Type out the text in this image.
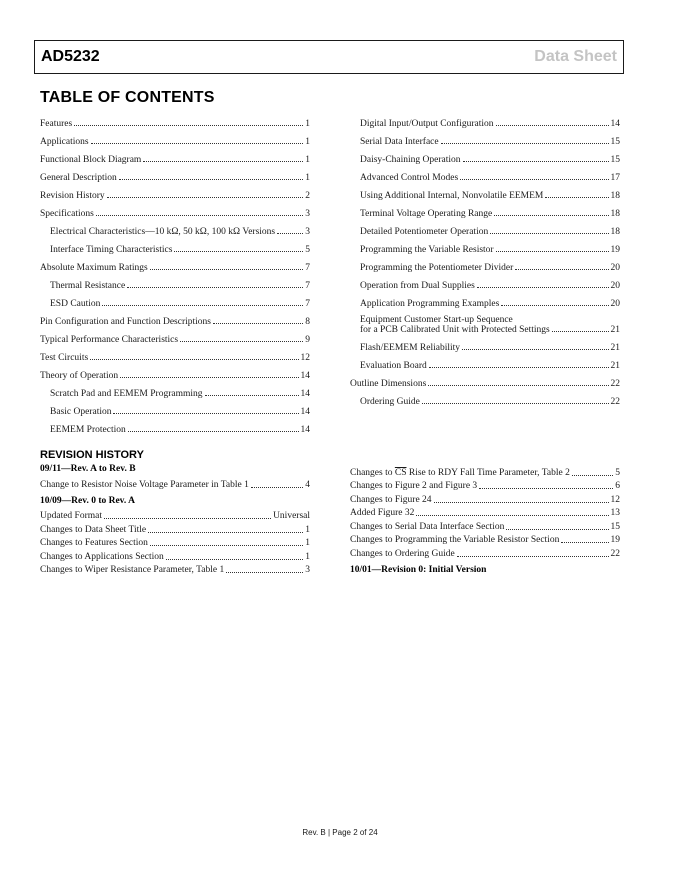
AD5232	Data Sheet
TABLE OF CONTENTS
Features	1
Applications	1
Functional Block Diagram	1
General Description	1
Revision History	2
Specifications	3
Electrical Characteristics—10 kΩ, 50 kΩ, 100 kΩ Versions	3
Interface Timing Characteristics	5
Absolute Maximum Ratings	7
Thermal Resistance	7
ESD Caution	7
Pin Configuration and Function Descriptions	8
Typical Performance Characteristics	9
Test Circuits	12
Theory of Operation	14
Scratch Pad and EEMEM Programming	14
Basic Operation	14
EEMEM Protection	14
Digital Input/Output Configuration	14
Serial Data Interface	15
Daisy-Chaining Operation	15
Advanced Control Modes	17
Using Additional Internal, Nonvolatile EEMEM	18
Terminal Voltage Operating Range	18
Detailed Potentiometer Operation	18
Programming the Variable Resistor	19
Programming the Potentiometer Divider	20
Operation from Dual Supplies	20
Application Programming Examples	20
Equipment Customer Start-up Sequence
for a PCB Calibrated Unit with Protected Settings	21
Flash/EEMEM Reliability	21
Evaluation Board	21
Outline Dimensions	22
Ordering Guide	22
REVISION HISTORY
09/11—Rev. A to Rev. B
Change to Resistor Noise Voltage Parameter in Table 1	4
10/09—Rev. 0 to Rev. A
Updated Format	Universal
Changes to Data Sheet Title	1
Changes to Features Section	1
Changes to Applications Section	1
Changes to Wiper Resistance Parameter, Table 1	3
Changes to $\overline{CS}$ Rise to RDY Fall Time Parameter, Table 2	5
Changes to Figure 2 and Figure 3	6
Changes to Figure 24	12
Added Figure 32	13
Changes to Serial Data Interface Section	15
Changes to Programming the Variable Resistor Section	19
Changes to Ordering Guide	22
10/01—Revision 0: Initial Version
Rev. B | Page 2 of 24
